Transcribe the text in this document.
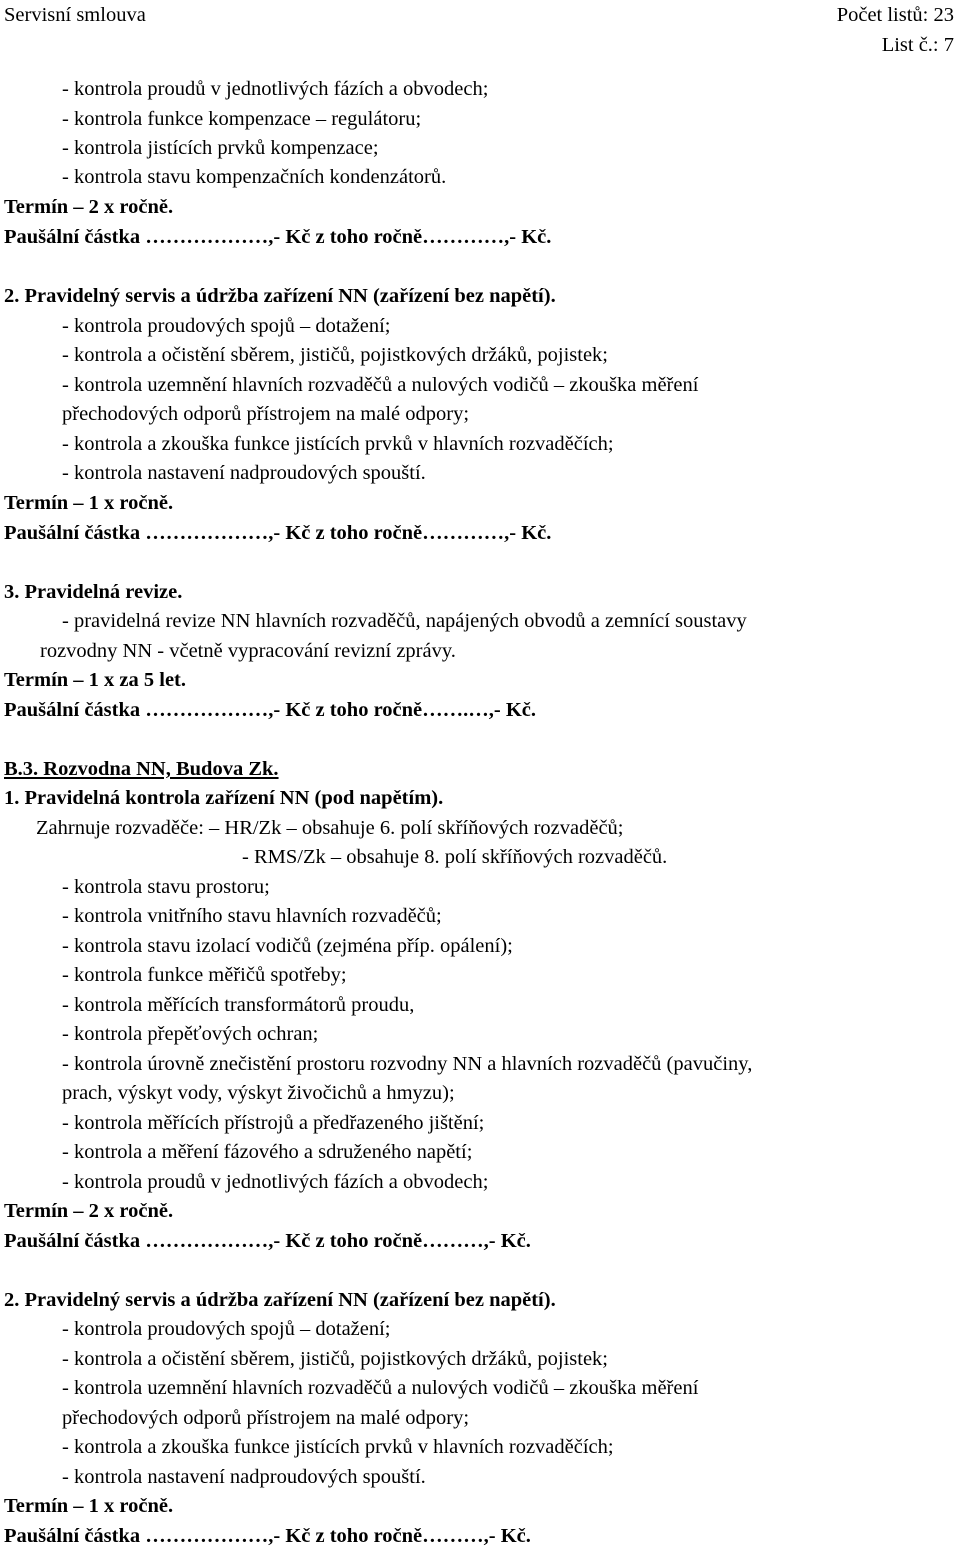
Servisní smlouva	Počet listů: 23
List č.: 7
- kontrola proudů v jednotlivých fázích a obvodech;
- kontrola funkce kompenzace – regulátoru;
- kontrola jistících prvků kompenzace;
- kontrola stavu kompenzačních kondenzátorů.
Termín – 2 x ročně.
Paušální částka ………………,- Kč z toho ročně…………,- Kč.
2. Pravidelný servis a údržba zařízení NN (zařízení bez napětí).
- kontrola proudových spojů – dotažení;
- kontrola a očistění sběrem, jističů, pojistkových držáků, pojistek;
- kontrola uzemnění hlavních rozvaděčů a nulových vodičů – zkouška měření
přechodových odporů přístrojem na malé odpory;
- kontrola a zkouška funkce jistících prvků v hlavních rozvaděčích;
- kontrola nastavení nadproudových spouští.
Termín – 1 x ročně.
Paušální částka ………………,- Kč z toho ročně…………,- Kč.
3. Pravidelná revize.
- pravidelná revize NN hlavních rozvaděčů, napájených obvodů a zemnící soustavy
rozvodny NN - včetně vypracování revizní zprávy.
Termín – 1 x za 5 let.
Paušální částka ………………,- Kč z toho ročně…….…,- Kč.
B.3. Rozvodna NN, Budova Zk.
1. Pravidelná kontrola zařízení NN (pod napětím).
Zahrnuje rozvaděče: – HR/Zk – obsahuje 6. polí skříňových rozvaděčů;
- RMS/Zk – obsahuje 8. polí skříňových rozvaděčů.
- kontrola stavu prostoru;
- kontrola vnitřního stavu hlavních rozvaděčů;
- kontrola stavu izolací vodičů (zejména příp. opálení);
- kontrola funkce měřičů spotřeby;
- kontrola měřících transformátorů proudu,
- kontrola přepěťových ochran;
- kontrola úrovně znečistění prostoru rozvodny NN a hlavních rozvaděčů (pavučiny,
prach, výskyt vody, výskyt živočichů a hmyzu);
- kontrola měřících přístrojů a předřazeného jištění;
- kontrola a měření fázového a sdruženého napětí;
- kontrola proudů v jednotlivých fázích a obvodech;
Termín – 2 x ročně.
Paušální částka ………………,- Kč z toho ročně………,- Kč.
2. Pravidelný servis a údržba zařízení NN (zařízení bez napětí).
- kontrola proudových spojů – dotažení;
- kontrola a očistění sběrem, jističů, pojistkových držáků, pojistek;
- kontrola uzemnění hlavních rozvaděčů a nulových vodičů – zkouška měření
přechodových odporů přístrojem na malé odpory;
- kontrola a zkouška funkce jistících prvků v hlavních rozvaděčích;
- kontrola nastavení nadproudových spouští.
Termín – 1 x ročně.
Paušální částka ………………,- Kč z toho ročně………,- Kč.
